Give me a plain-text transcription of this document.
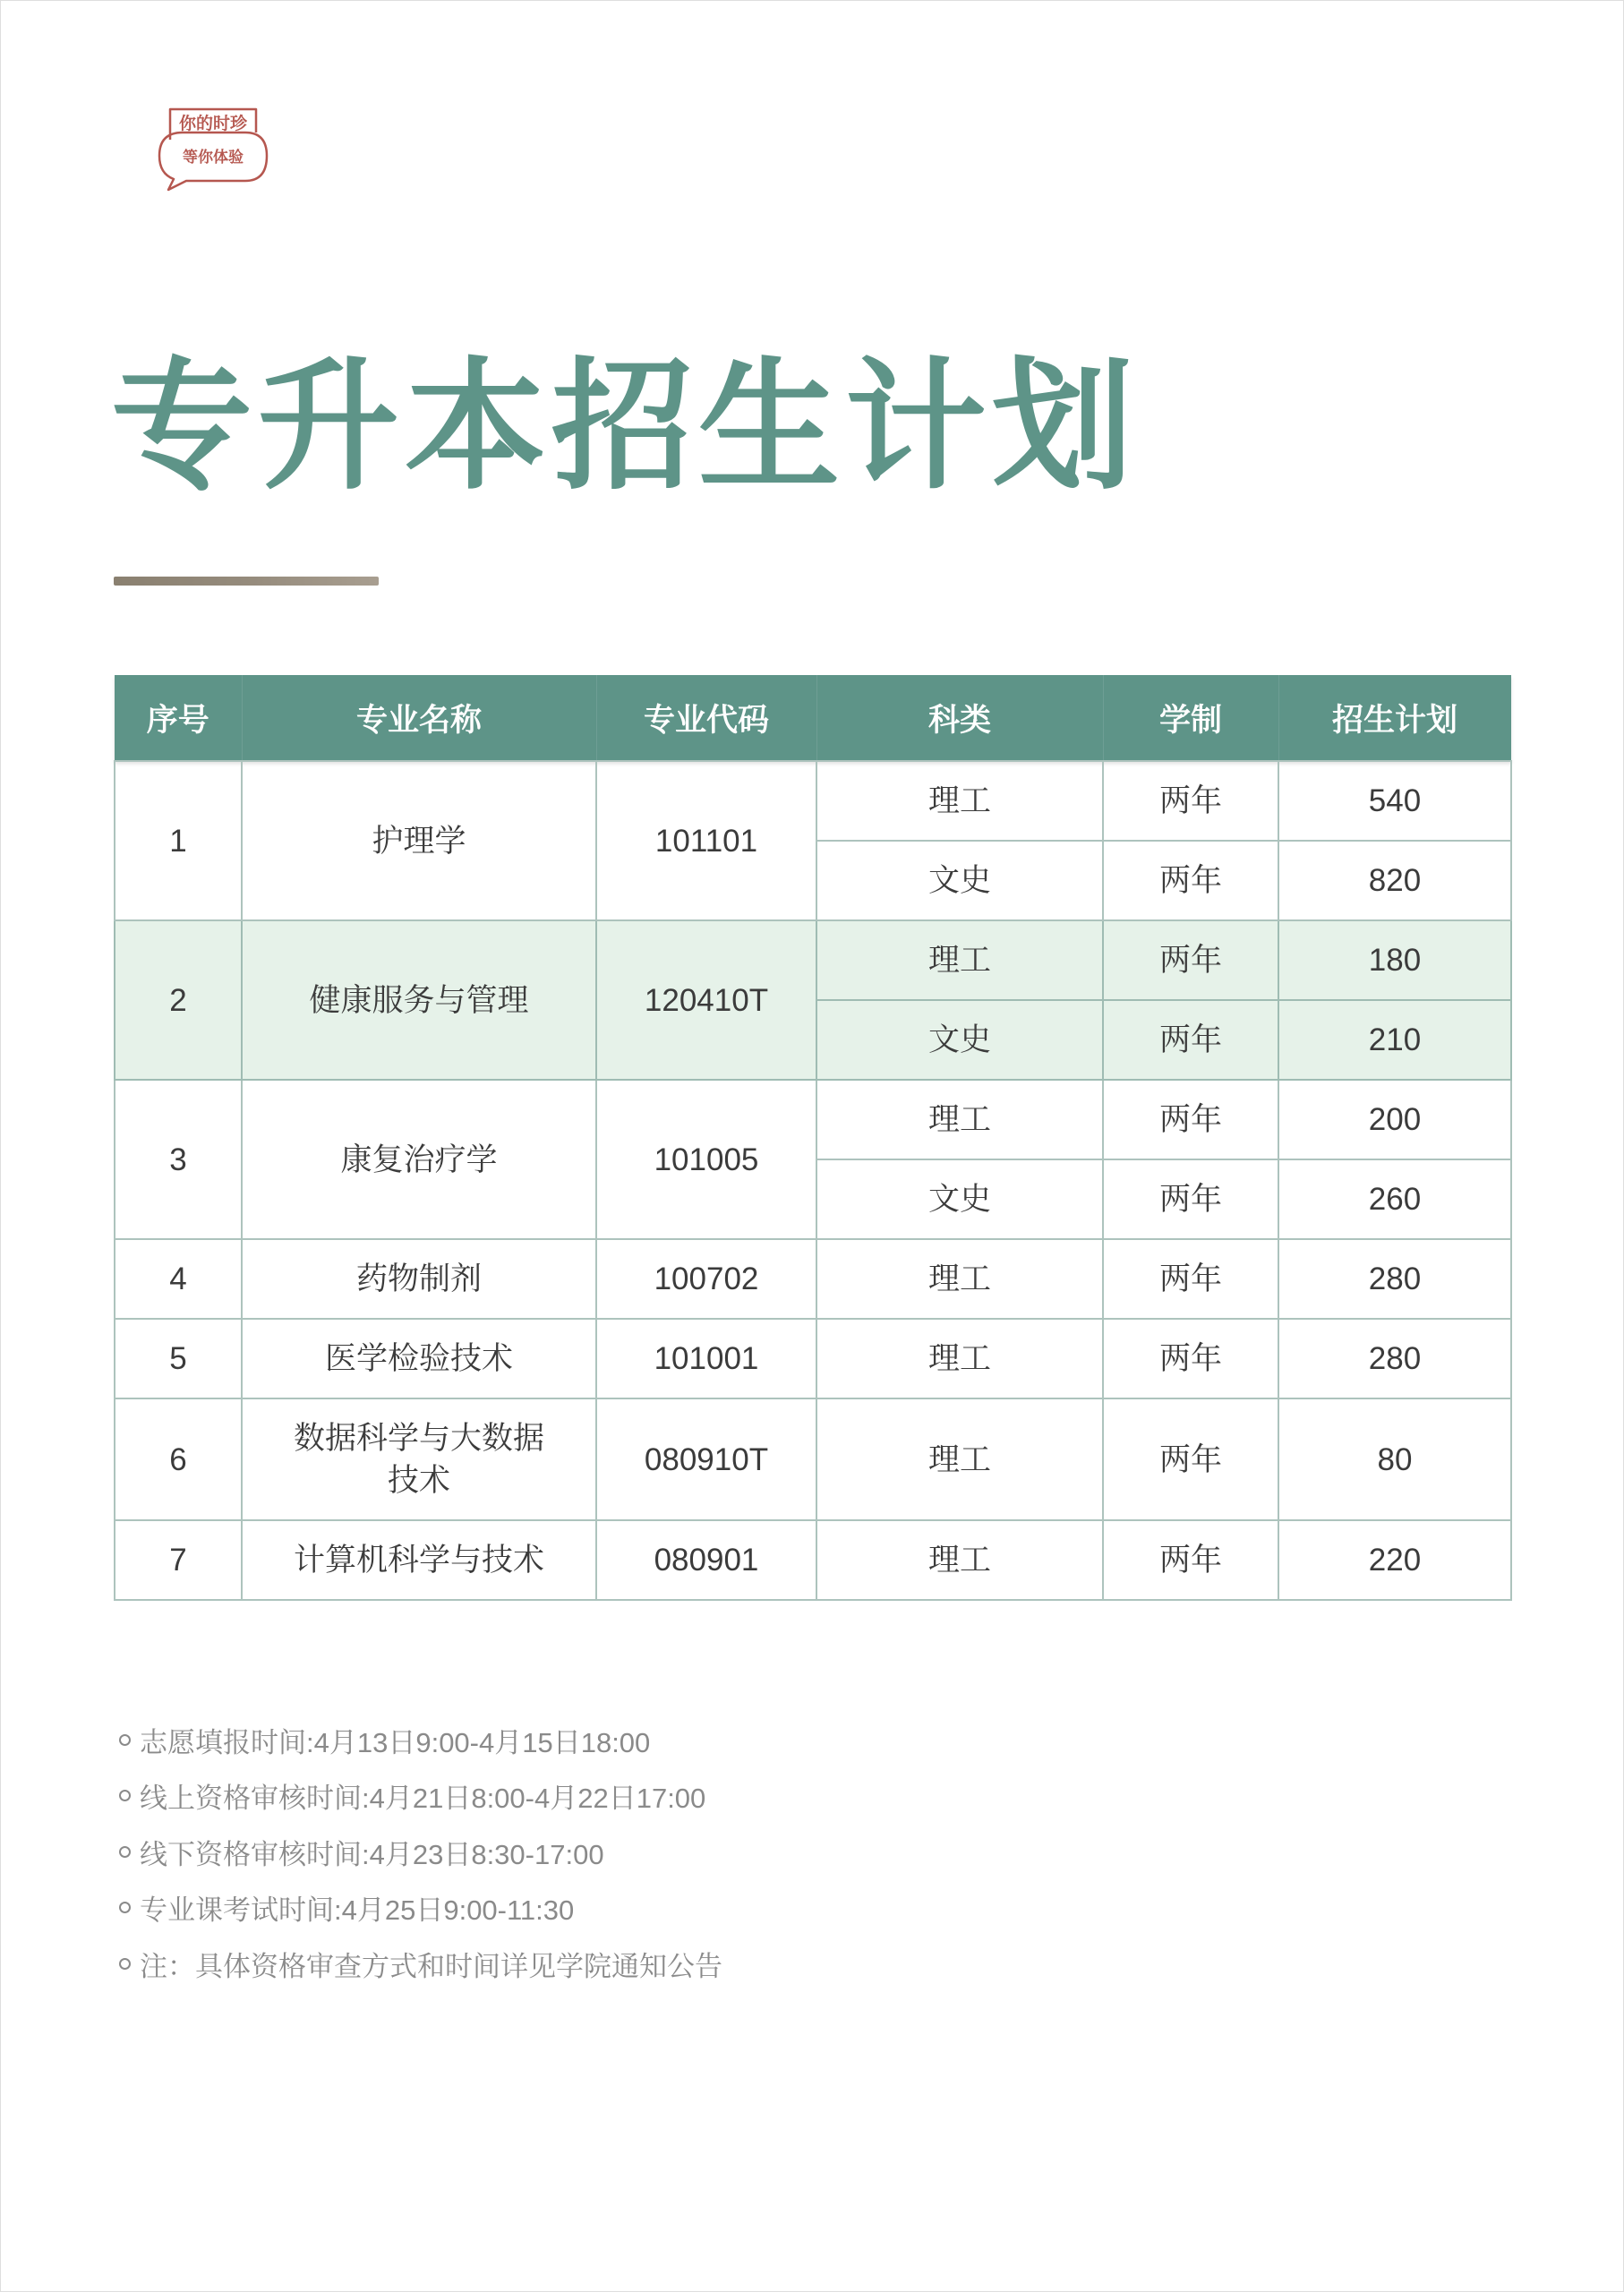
你的时珍
等你体验
专升本招生计划
序号	专业名称	专业代码	科类	学制	招生计划
1	护理学	101101	理工	两年	540
			文史	两年	820
2	健康服务与管理	120410T	理工	两年	180
			文史	两年	210
3	康复治疗学	101005	理工	两年	200
			文史	两年	260
4	药物制剂	100702	理工	两年	280
5	医学检验技术	101001	理工	两年	280
6	数据科学与大数据技术	080910T	理工	两年	80
7	计算机科学与技术	080901	理工	两年	220
志愿填报时间:4月13日9:00-4月15日18:00
线上资格审核时间:4月21日8:00-4月22日17:00
线下资格审核时间:4月23日8:30-17:00
专业课考试时间:4月25日9:00-11:30
注：具体资格审查方式和时间详见学院通知公告
